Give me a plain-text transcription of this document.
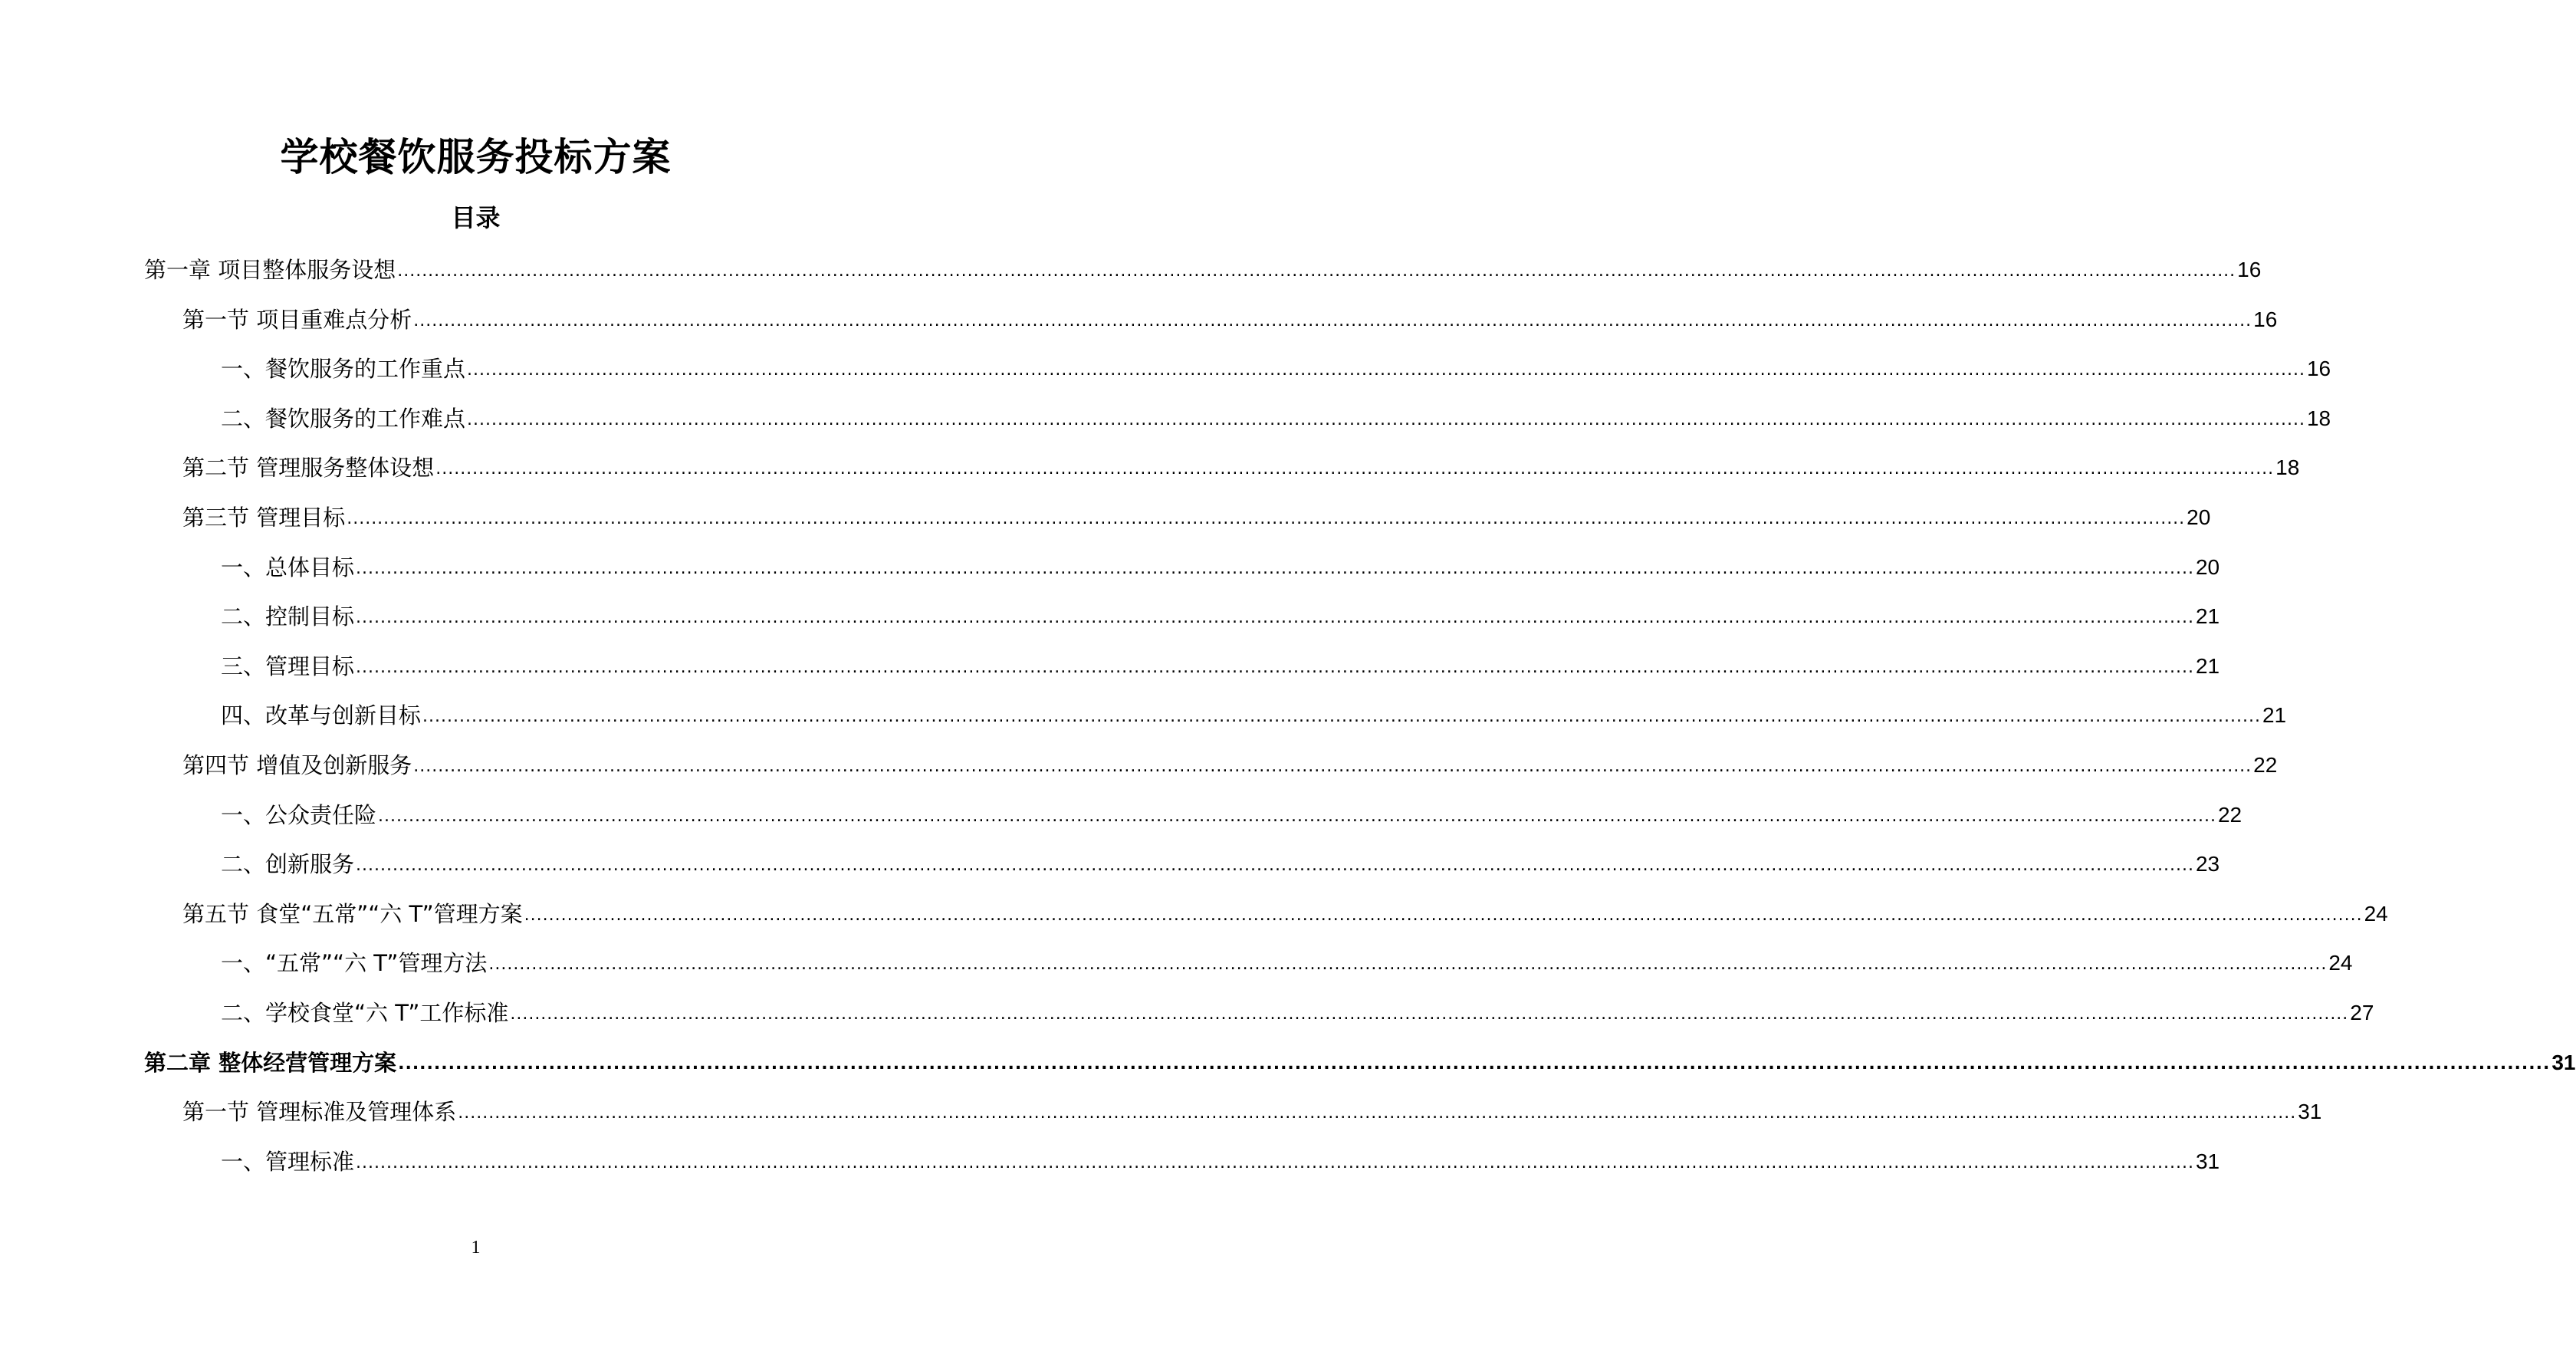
学校餐饮服务投标方案
目录
第一章 项目整体服务设想 ............................................................................................................................................................................................................................................................................................................ 16
第一节 项目重难点分析 ............................................................................................................................................................................................................................................................................................................ 16
一、餐饮服务的工作重点 ............................................................................................................................................................................................................................................................................................................ 16
二、餐饮服务的工作难点 ............................................................................................................................................................................................................................................................................................................ 18
第二节 管理服务整体设想 ............................................................................................................................................................................................................................................................................................................ 18
第三节 管理目标 ............................................................................................................................................................................................................................................................................................................ 20
一、总体目标 ............................................................................................................................................................................................................................................................................................................ 20
二、控制目标 ............................................................................................................................................................................................................................................................................................................ 21
三、管理目标 ............................................................................................................................................................................................................................................................................................................ 21
四、改革与创新目标 ............................................................................................................................................................................................................................................................................................................ 21
第四节 增值及创新服务 ............................................................................................................................................................................................................................................................................................................ 22
一、公众责任险 ............................................................................................................................................................................................................................................................................................................ 22
二、创新服务 ............................................................................................................................................................................................................................................................................................................ 23
第五节 食堂“五常”“六 T”管理方案 ............................................................................................................................................................................................................................................................................................................ 24
一、“五常”“六 T”管理方法 ............................................................................................................................................................................................................................................................................................................ 24
二、学校食堂“六 T”工作标准 ............................................................................................................................................................................................................................................................................................................ 27
第二章 整体经营管理方案 ............................................................................................................................................................................................................................................................................................................ 31
第一节 管理标准及管理体系 ............................................................................................................................................................................................................................................................................................................ 31
一、管理标准 ............................................................................................................................................................................................................................................................................................................ 31
1
